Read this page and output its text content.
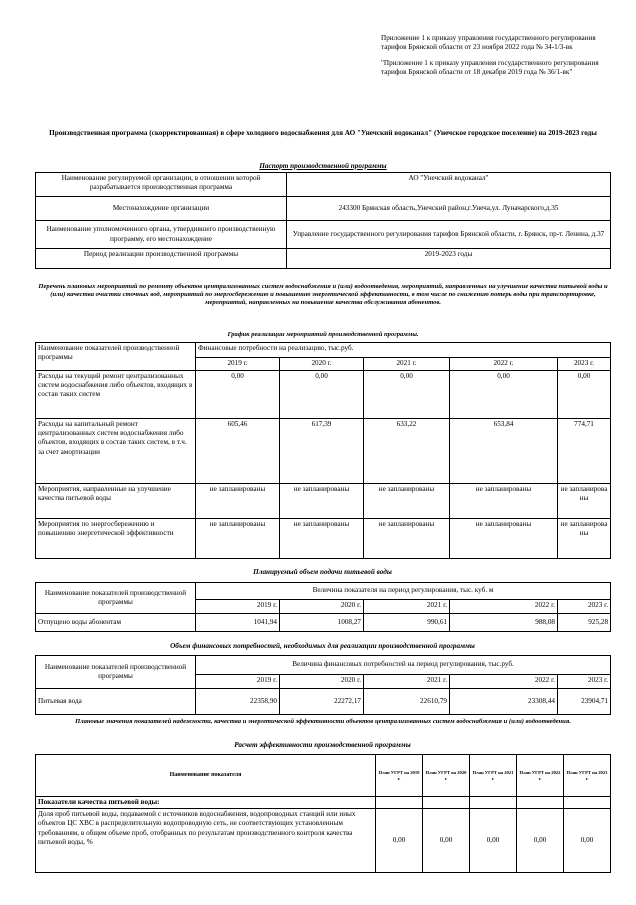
Приложение 1 к приказу управления государственного регулирования тарифов Брянской области от 23 ноября 2022 года № 34-1/3-вк
"Приложение 1 к приказу управления государственного регулирования тарифов Брянской области от 18 декабря 2019 года № 36/1-вк"
Производственная программа (скорректированная) в сфере холодного водоснабжения для АО "Унечский водоканал" (Унечское городское поселение) на 2019-2023 годы
Паспорт производственной программы
Наименование регулируемой организации, в отношении которой разрабатывается производственная программа	АО "Унечский водоканал"
Местонахождение организации	243300 Брянская область,Унечский район,г.Унеча,ул. Луначарского,д.35
Наименование уполномоченного органа, утвердившего производственную программу, его местонахождение	Управление государственного регулирования тарифов Брянской области, г. Брянск, пр-т. Ленина, д.37
Период реализации производственной программы	2019-2023 годы
Перечень плановых мероприятий по ремонту объектов централизованных систем водоснабжения и (или) водоотведения, мероприятий, направленных на улучшение качества питьевой воды и (или) качества очистки сточных вод, мероприятий по энергосбережению и повышению энергетической эффективности, в том числе по снижению потерь воды при транспортировке, мероприятий, направленных на повышение качества обслуживания абонентов.
График реализации мероприятий производственной программы.
Наименование показателей производственной программы	Финансовые потребности на реализацию, тыс.руб.				
	2019 г.	2020 г.	2021 г.	2022 г.	2023 г.
Расходы на текущий ремонт централизованных систем водоснабжения либо объектов, входящих в состав таких систем	0,00	0,00	0,00	0,00	0,00
Расходы на капитальный ремонт централизованных систем водоснабжения либо объектов, входящих в состав таких систем, в т.ч. за счет амортизации	605,46	617,39	633,22	653,84	774,71
Мероприятия, направленные на улучшение качества питьевой воды	не запланированы	не запланированы	не запланированы	не запланированы	не запланирова ны
Мероприятия по энергосбережению и повышению энергетической эффективности	не запланированы	не запланированы	не запланированы	не запланированы	не запланирова ны
Планируемый объем подачи питьевой воды
Наименование показателей производственной программы	Величина показателя на период регулирования, тыс. куб. м				
	2019 г.	2020 г.	2021 г.	2022 г.	2023 г.
Отпущено воды абонентам	1041,94	1008,27	990,61	988,08	925,28
Объем финансовых потребностей, необходимых для реализации производственной программы
Наименование показателей производственной программы	Величина финансовых потребностей на период регулирования, тыс.руб.				
	2019 г.	2020 г.	2021 г.	2022 г.	2023 г.
Питьевая вода	22358,90	22272,17	22610,79	23308,44	23904,71
Плановые значения показателей надежности, качества и энергетической эффективности объектов централизованных систем водоснабжения и (или) водоотведения.
Расчет эффективности производственной программы
Наименование показателя	План УГРТ на 2019 г.	План УГРТ на 2020 г.	План УГРТ на 2021 г.	План УГРТ на 2022 г.	План УГРТ на 2023 г.
Показатели качества питьевой воды:					
Доля проб питьевой воды, подаваемой с источников водоснабжения, водопроводных станций или иных объектов ЦС ХВС в распределительную водопроводную сеть, не соответствующих установленным требованиям, в общем объеме проб, отобранных по результатам производственного контроля качества питьевой воды, %	0,00	0,00	0,00	0,00	0,00
